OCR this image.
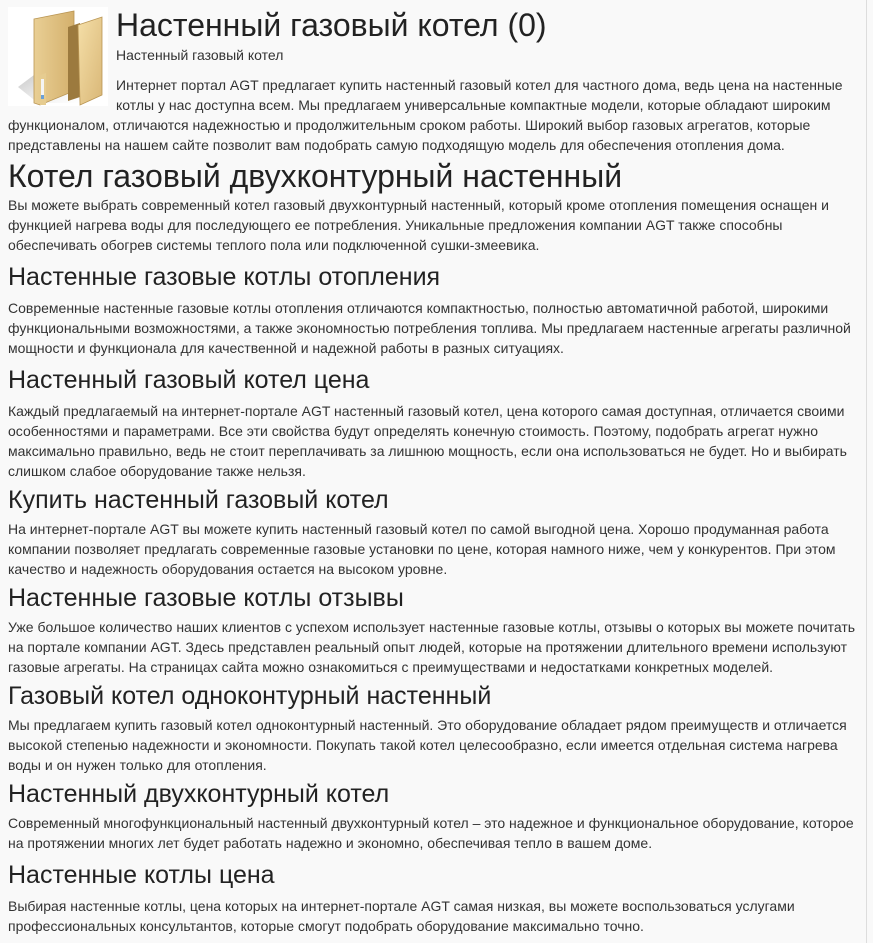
Настенный газовый котел (0)
Настенный газовый котел

Интернет портал AGT предлагает купить настенный газовый котел для частного дома, ведь цена на настенные котлы у нас доступна всем. Мы предлагаем универсальные компактные модели, которые обладают широким функционалом, отличаются надежностью и продолжительным сроком работы. Широкий выбор газовых агрегатов, которые представлены на нашем сайте позволит вам подобрать самую подходящую модель для обеспечения отопления дома.

Котел газовый двухконтурный настенный

Вы можете выбрать современный котел газовый двухконтурный настенный, который кроме отопления помещения оснащен и функцией нагрева воды для последующего ее потребления. Уникальные предложения компании AGT также способны обеспечивать обогрев системы теплого пола или подключенной сушки-змеевика.

Настенные газовые котлы отопления

Современные настенные газовые котлы отопления отличаются компактностью, полностью автоматичной работой, широкими функциональными возможностями, а также экономностью потребления топлива. Мы предлагаем настенные агрегаты различной мощности и функционала для качественной и надежной работы в разных ситуациях.

Настенный газовый котел цена

Каждый предлагаемый на интернет-портале AGT настенный газовый котел, цена которого самая доступная, отличается своими особенностями и параметрами. Все эти свойства будут определять конечную стоимость. Поэтому, подобрать агрегат нужно максимально правильно, ведь не стоит переплачивать за лишнюю мощность, если она использоваться не будет. Но и выбирать слишком слабое оборудование также нельзя.

Купить настенный газовый котел

На интернет-портале AGT вы можете купить настенный газовый котел по самой выгодной цена. Хорошо продуманная работа компании позволяет предлагать современные газовые установки по цене, которая намного ниже, чем у конкурентов. При этом качество и надежность оборудования остается на высоком уровне.

Настенные газовые котлы отзывы

Уже большое количество наших клиентов с успехом использует настенные газовые котлы, отзывы о которых вы можете почитать на портале компании AGT. Здесь представлен реальный опыт людей, которые на протяжении длительного времени используют газовые агрегаты. На страницах сайта можно ознакомиться с преимуществами и недостатками конкретных моделей.

Газовый котел одноконтурный настенный

Мы предлагаем купить газовый котел одноконтурный настенный. Это оборудование обладает рядом преимуществ и отличается высокой степенью надежности и экономности. Покупать такой котел целесообразно, если имеется отдельная система нагрева воды и он нужен только для отопления.

Настенный двухконтурный котел

Современный многофункциональный настенный двухконтурный котел – это надежное и функциональное оборудование, которое на протяжении многих лет будет работать надежно и экономно, обеспечивая тепло в вашем доме.

Настенные котлы цена

Выбирая настенные котлы, цена которых на интернет-портале AGT самая низкая, вы можете воспользоваться услугами профессиональных консультантов, которые смогут подобрать оборудование максимально точно.
